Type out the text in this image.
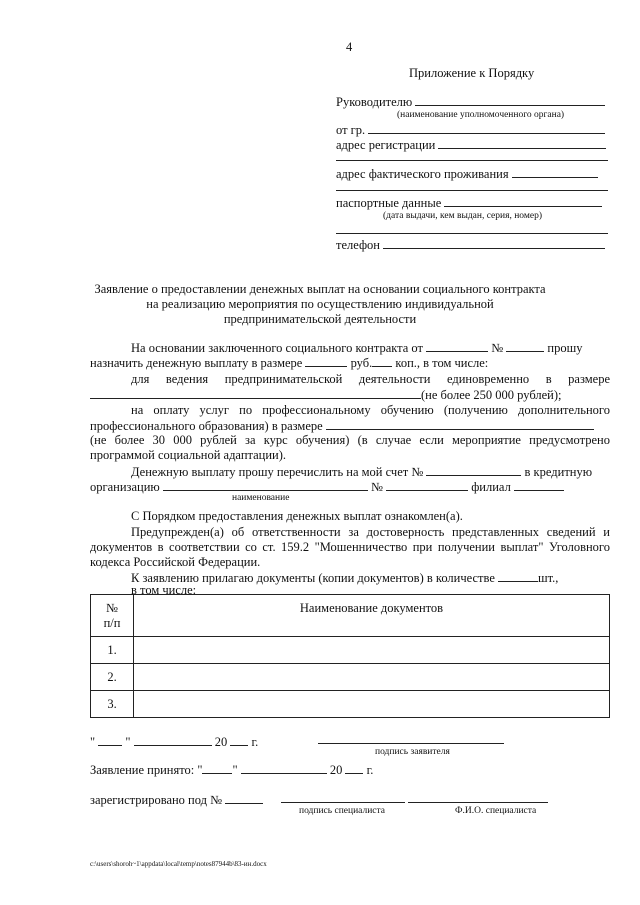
4
Приложение к Порядку
Руководителю
(наименование уполномоченного органа)
от гр.
адрес регистрации
адрес фактического проживания
паспортные данные
(дата выдачи, кем выдан, серия, номер)
телефон
Заявление о предоставлении денежных выплат на основании социального контракта
на реализацию мероприятия по осуществлению индивидуальной
предпринимательской деятельности
На основании заключенного социального контракта от	№	прошу
назначить денежную выплату в размере	руб. коп., в том числе:
для ведения предпринимательской деятельности единовременно в размере
(не более 250 000 рублей);
на оплату услуг по профессиональному обучению (получению дополнительного
профессионального образования) в размере
(не более 30 000 рублей за курс обучения) (в случае если мероприятие предусмотрено
программой социальной адаптации).
Денежную выплату прошу перечислить на мой счет №	в кредитную
организацию	№	филиал
наименование
С Порядком предоставления денежных выплат ознакомлен(а).
Предупрежден(а) об ответственности за достоверность представленных сведений и
документов в соответствии со ст. 159.2 "Мошенничество при получении выплат" Уголовного
кодекса Российской Федерации.
К заявлению прилагаю документы (копии документов) в количестве	шт.,
в том числе:
№
п/п	Наименование документов
1.	
2.	
3.	
" "	20 г.
подпись заявителя
Заявление принято: " "	20 г.
зарегистрировано под №
подпись специалиста	Ф.И.О. специалиста
c:\users\shoroh~1\appdata\local\temp\notes87944b\83-ин.docx
